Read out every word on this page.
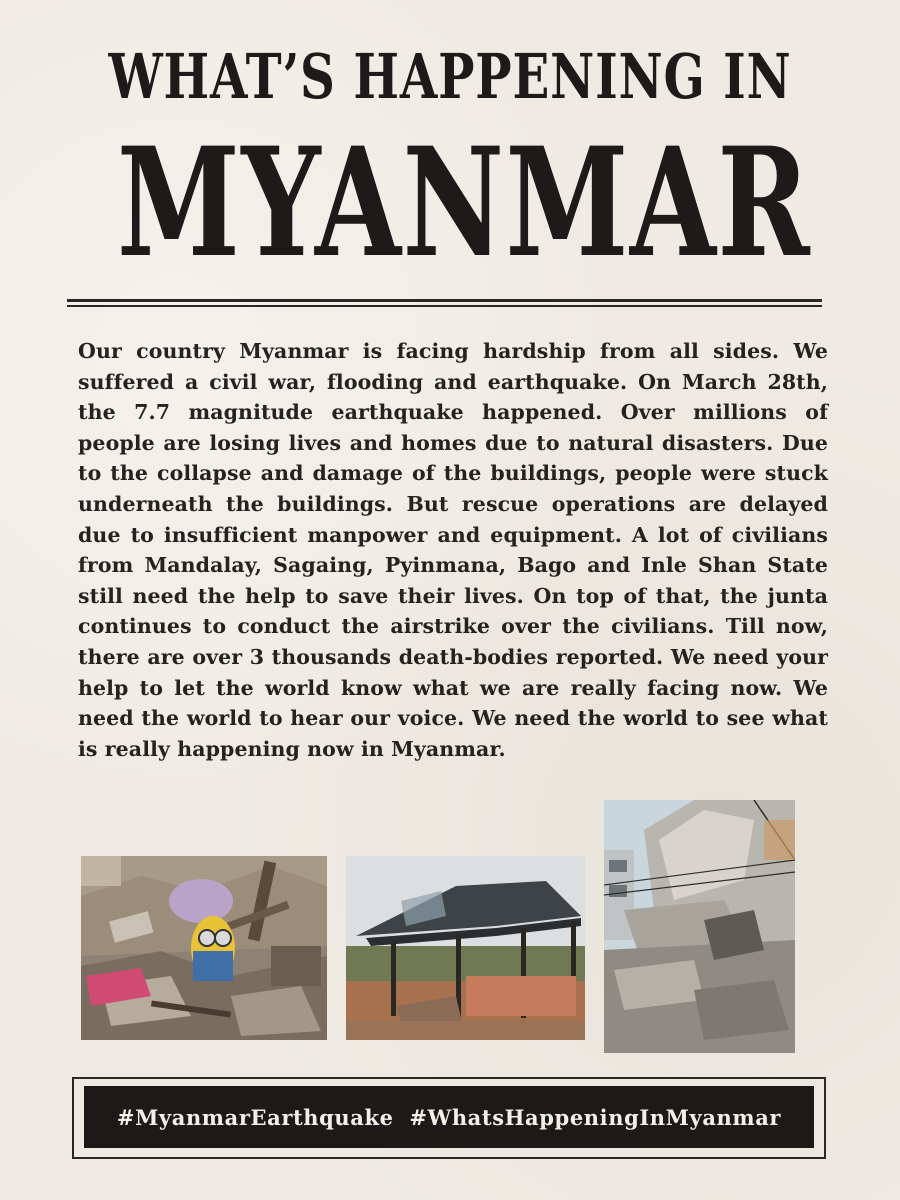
WHAT’S HAPPENING IN
MYANMAR
Our country Myanmar is facing hardship from all sides. We suffered a civil war, flooding and earthquake. On March 28th, the 7.7 magnitude earthquake happened. Over millions of people are losing lives and homes due to natural disasters. Due to the collapse and damage of the buildings, people were stuck underneath the buildings. But rescue operations are delayed due to insufficient manpower and equipment. A lot of civilians from Mandalay, Sagaing, Pyinmana, Bago and Inle Shan State still need the help to save their lives. On top of that, the junta continues to conduct the airstrike over the civilians. Till now, there are over 3 thousands death-bodies reported. We need your help to let the world know what we are really facing now. We need the world to hear our voice. We need the world to see what is really happening now in Myanmar.
#MyanmarEarthquake  #WhatsHappeningInMyanmar
